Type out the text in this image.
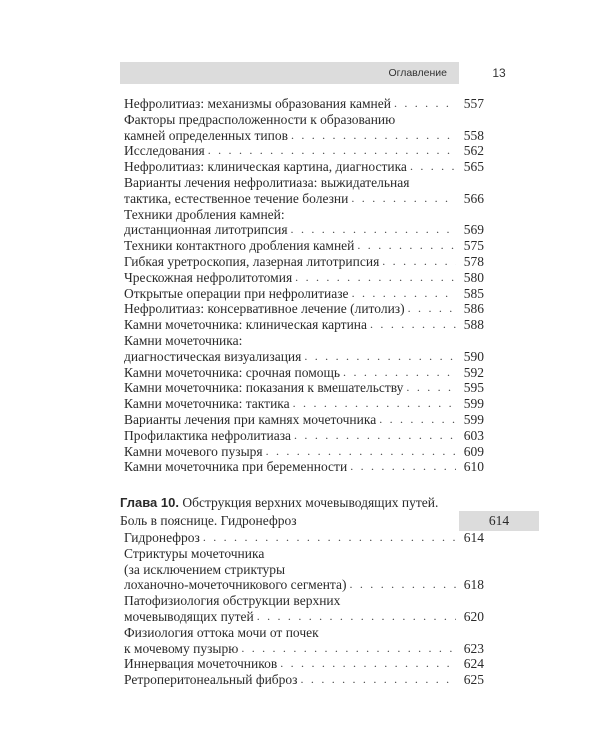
Оглавление	13
Нефролитиаз: механизмы образования камней . . .	557
Факторы предрасположенности к образованию
камней определенных типов . . .	558
Исследования . . .	562
Нефролитиаз: клиническая картина, диагностика . . .	565
Варианты лечения нефролитиаза: выжидательная
тактика, естественное течение болезни . . .	566
Техники дробления камней:
дистанционная литотрипсия . . .	569
Техники контактного дробления камней . . .	575
Гибкая уретроскопия, лазерная литотрипсия . . .	578
Чрескожная нефролитотомия . . .	580
Открытые операции при нефролитиазе . . .	585
Нефролитиаз: консервативное лечение (литолиз) . . .	586
Камни мочеточника: клиническая картина . . .	588
Камни мочеточника:
диагностическая визуализация . . .	590
Камни мочеточника: срочная помощь . . .	592
Камни мочеточника: показания к вмешательству . . .	595
Камни мочеточника: тактика . . .	599
Варианты лечения при камнях мочеточника . . .	599
Профилактика нефролитиаза . . .	603
Камни мочевого пузыря . . .	609
Камни мочеточника при беременности . . .	610
Глава 10. Обструкция верхних мочевыводящих путей.
Боль в пояснице. Гидронефроз	614
Гидронефроз . . .	614
Стриктуры мочеточника
(за исключением стриктуры
лоханочно-мочеточникового сегмента) . . .	618
Патофизиология обструкции верхних
мочевыводящих путей . . .	620
Физиология оттока мочи от почек
к мочевому пузырю . . .	623
Иннервация мочеточников . . .	624
Ретроперитонеальный фиброз . . .	625
